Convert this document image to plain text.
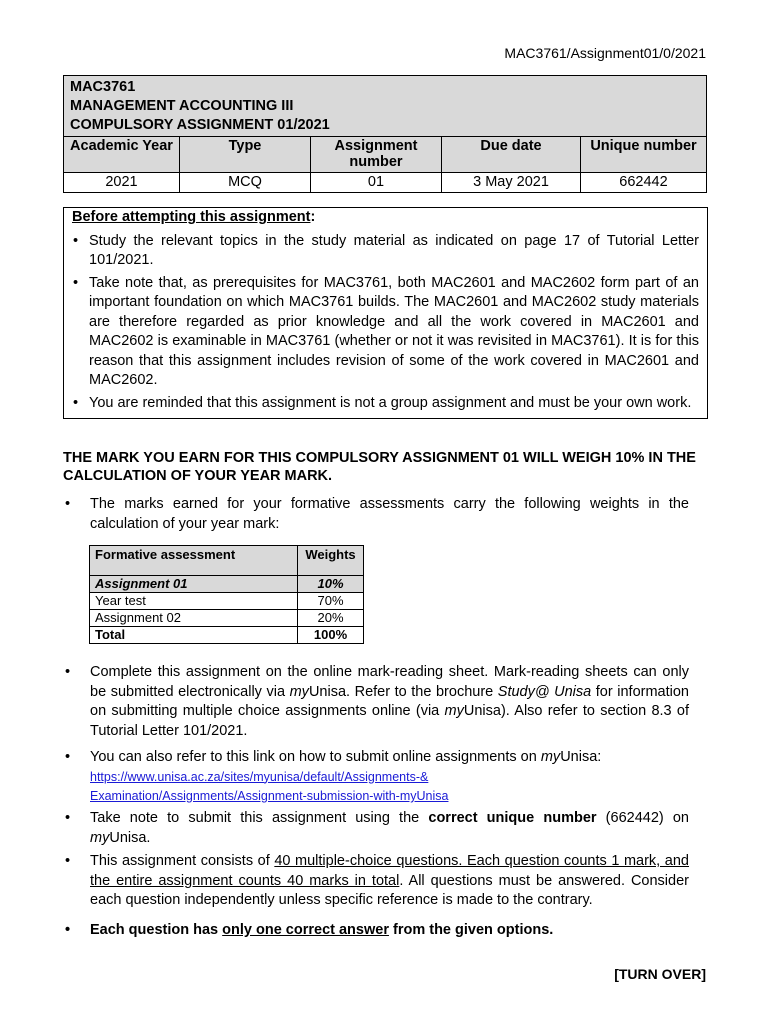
MAC3761/Assignment01/0/2021
MAC3761
MANAGEMENT ACCOUNTING III
COMPULSORY ASSIGNMENT 01/2021				

Academic Year	Type	Assignment number	Due date	Unique number
2021	MCQ	01	3 May 2021	662442
Before attempting this assignment:
• Study the relevant topics in the study material as indicated on page 17 of Tutorial Letter 101/2021.
• Take note that, as prerequisites for MAC3761, both MAC2601 and MAC2602 form part of an important foundation on which MAC3761 builds. The MAC2601 and MAC2602 study materials are therefore regarded as prior knowledge and all the work covered in MAC2601 and MAC2602 is examinable in MAC3761 (whether or not it was revisited in MAC3761). It is for this reason that this assignment includes revision of some of the work covered in MAC2601 and MAC2602.
• You are reminded that this assignment is not a group assignment and must be your own work.
THE MARK YOU EARN FOR THIS COMPULSORY ASSIGNMENT 01 WILL WEIGH 10% IN THE CALCULATION OF YOUR YEAR MARK.
• The marks earned for your formative assessments carry the following weights in the calculation of your year mark:
Formative assessment	Weights
Assignment 01	10%
Year test	70%
Assignment 02	20%
Total	100%
• Complete this assignment on the online mark-reading sheet. Mark-reading sheets can only be submitted electronically via myUnisa. Refer to the brochure Study@ Unisa for information on submitting multiple choice assignments online (via myUnisa). Also refer to section 8.3 of Tutorial Letter 101/2021.
• You can also refer to this link on how to submit online assignments on myUnisa:
https://www.unisa.ac.za/sites/myunisa/default/Assignments-&
Examination/Assignments/Assignment-submission-with-myUnisa
• Take note to submit this assignment using the correct unique number (662442) on myUnisa.
• This assignment consists of 40 multiple-choice questions. Each question counts 1 mark, and the entire assignment counts 40 marks in total. All questions must be answered. Consider each question independently unless specific reference is made to the contrary.
• Each question has only one correct answer from the given options.
[TURN OVER]
